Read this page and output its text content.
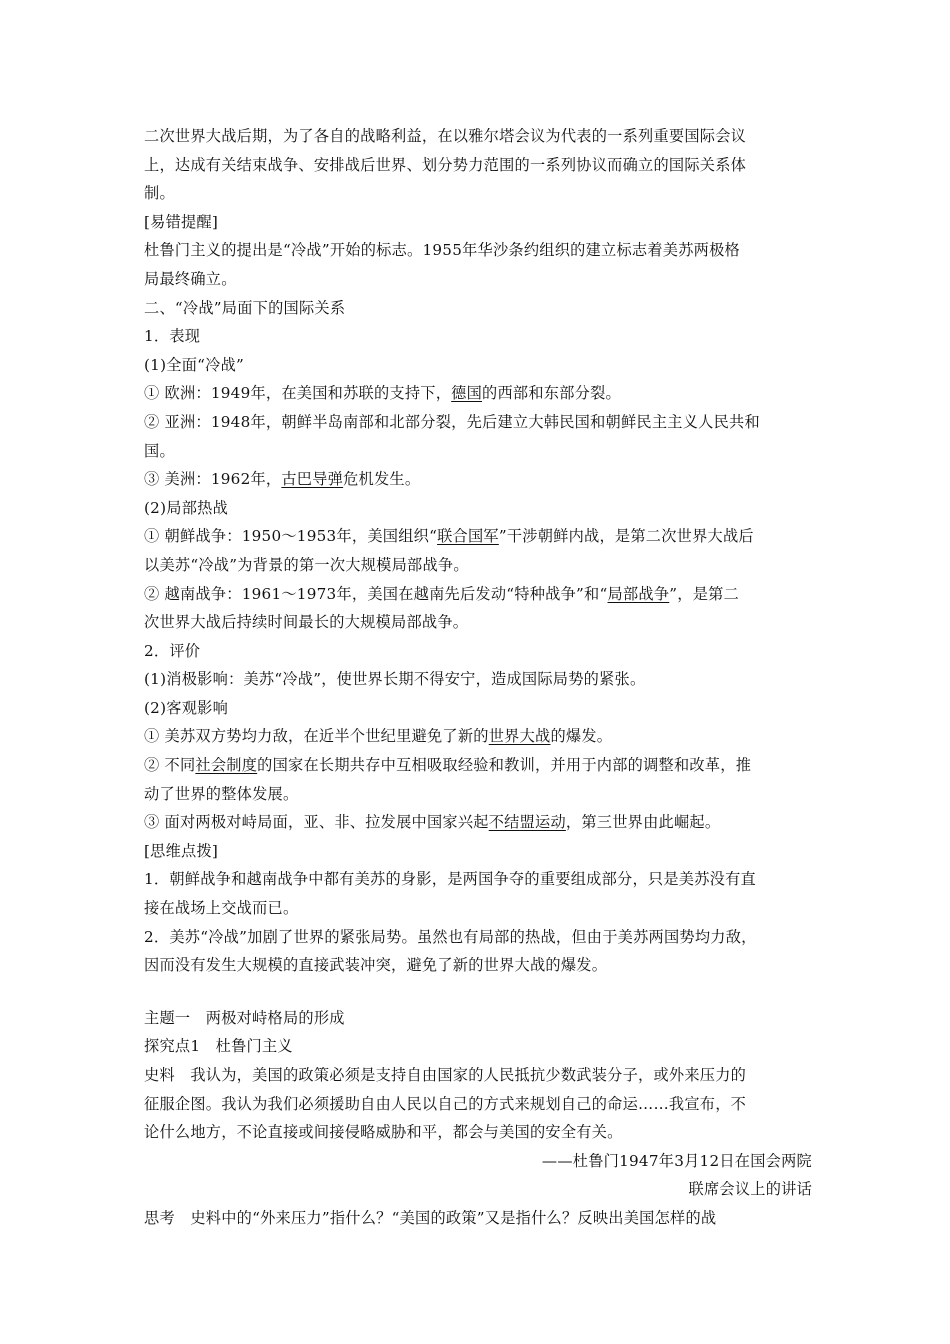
二次世界大战后期，为了各自的战略利益，在以雅尔塔会议为代表的一系列重要国际会议
上，达成有关结束战争、安排战后世界、划分势力范围的一系列协议而确立的国际关系体
制。
[易错提醒]
杜鲁门主义的提出是“冷战”开始的标志。1955年华沙条约组织的建立标志着美苏两极格
局最终确立。
二、“冷战”局面下的国际关系
1．表现
(1)全面“冷战”
① 欧洲：1949年，在美国和苏联的支持下，德国的西部和东部分裂。
② 亚洲：1948年，朝鲜半岛南部和北部分裂，先后建立大韩民国和朝鲜民主主义人民共和
国。
③ 美洲：1962年，古巴导弹危机发生。
(2)局部热战
① 朝鲜战争：1950～1953年，美国组织“联合国军”干涉朝鲜内战，是第二次世界大战后
以美苏“冷战”为背景的第一次大规模局部战争。
② 越南战争：1961～1973年，美国在越南先后发动“特种战争”和“局部战争”，是第二
次世界大战后持续时间最长的大规模局部战争。
2．评价
(1)消极影响：美苏“冷战”，使世界长期不得安宁，造成国际局势的紧张。
(2)客观影响
① 美苏双方势均力敌，在近半个世纪里避免了新的世界大战的爆发。
② 不同社会制度的国家在长期共存中互相吸取经验和教训，并用于内部的调整和改革，推
动了世界的整体发展。
③ 面对两极对峙局面，亚、非、拉发展中国家兴起不结盟运动，第三世界由此崛起。
[思维点拨]
1．朝鲜战争和越南战争中都有美苏的身影，是两国争夺的重要组成部分，只是美苏没有直
接在战场上交战而已。
2．美苏“冷战”加剧了世界的紧张局势。虽然也有局部的热战，但由于美苏两国势均力敌，
因而没有发生大规模的直接武装冲突，避免了新的世界大战的爆发。
主题一　两极对峙格局的形成
探究点1　杜鲁门主义
史料　我认为，美国的政策必须是支持自由国家的人民抵抗少数武装分子，或外来压力的
征服企图。我认为我们必须援助自由人民以自己的方式来规划自己的命运……我宣布，不
论什么地方，不论直接或间接侵略威胁和平，都会与美国的安全有关。
——杜鲁门1947年3月12日在国会两院
联席会议上的讲话
思考　史料中的“外来压力”指什么？“美国的政策”又是指什么？反映出美国怎样的战
